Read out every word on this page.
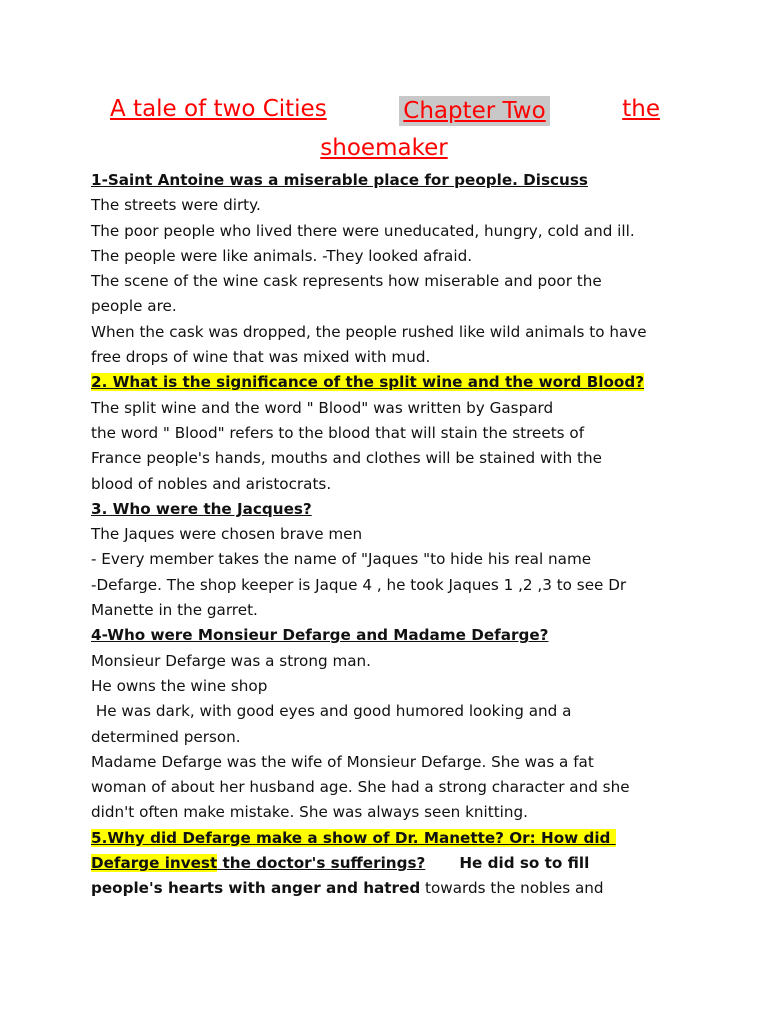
A tale of two Cities	Chapter Two	the
shoemaker
1-Saint Antoine was a miserable place for people. Discuss
The streets were dirty.
The poor people who lived there were uneducated, hungry, cold and ill.
The people were like animals. -They looked afraid.
The scene of the wine cask represents how miserable and poor the
people are.
When the cask was dropped, the people rushed like wild animals to have
free drops of wine that was mixed with mud.
2. What is the significance of the split wine and the word Blood?
The split wine and the word " Blood" was written by Gaspard
the word " Blood" refers to the blood that will stain the streets of
France people's hands, mouths and clothes will be stained with the
blood of nobles and aristocrats.
3. Who were the Jacques?
The Jaques were chosen brave men
- Every member takes the name of "Jaques "to hide his real name
-Defarge. The shop keeper is Jaque 4 , he took Jaques 1 ,2 ,3 to see Dr
Manette in the garret.
4-Who were Monsieur Defarge and Madame Defarge?
Monsieur Defarge was a strong man.
He owns the wine shop
He was dark, with good eyes and good humored looking and a
determined person.
Madame Defarge was the wife of Monsieur Defarge. She was a fat
woman of about her husband age. She had a strong character and she
didn't often make mistake. She was always seen knitting.
5.Why did Defarge make a show of Dr. Manette? Or: How did
Defarge invest the doctor's sufferings? He did so to fill
people's hearts with anger and hatred towards the nobles and
